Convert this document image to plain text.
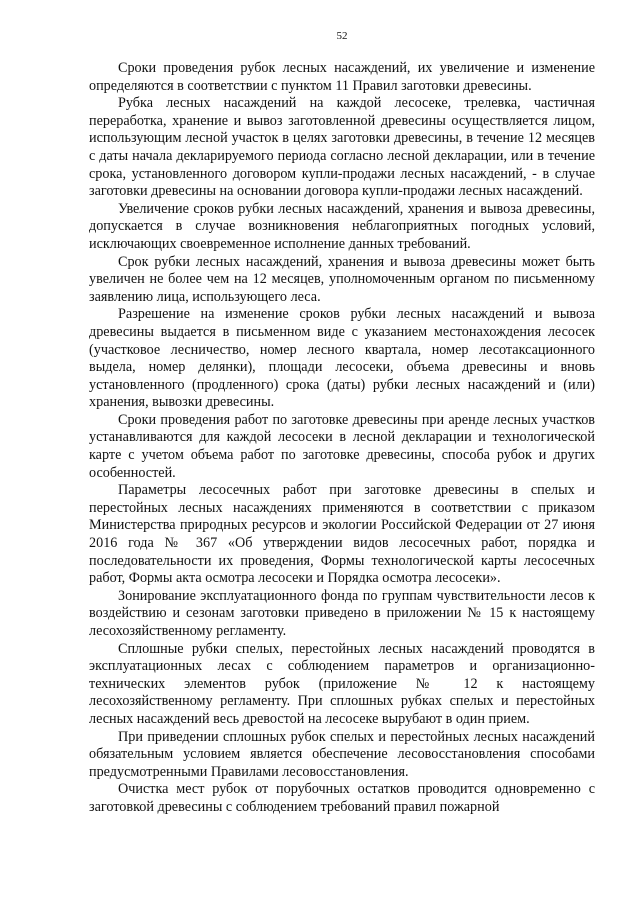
52

Сроки проведения рубок лесных насаждений, их увеличение и изменение определяются в соответствии с пунктом 11 Правил заготовки древесины.

Рубка лесных насаждений на каждой лесосеке, трелевка, частичная переработка, хранение и вывоз заготовленной древесины осуществляется лицом, использующим лесной участок в целях заготовки древесины, в течение 12 месяцев с даты начала декларируемого периода согласно лесной декларации, или в течение срока, установленного договором купли-продажи лесных насаждений, - в случае заготовки древесины на основании договора купли-продажи лесных насаждений.

Увеличение сроков рубки лесных насаждений, хранения и вывоза древесины, допускается в случае возникновения неблагоприятных погодных условий, исключающих своевременное исполнение данных требований.

Срок рубки лесных насаждений, хранения и вывоза древесины может быть увеличен не более чем на 12 месяцев, уполномоченным органом по письменному заявлению лица, использующего леса.

Разрешение на изменение сроков рубки лесных насаждений и вывоза древесины выдается в письменном виде с указанием местонахождения лесосек (участковое лесничество, номер лесного квартала, номер лесотаксационного выдела, номер делянки), площади лесосеки, объема древесины и вновь установленного (продленного) срока (даты) рубки лесных насаждений и (или) хранения, вывозки древесины.

Сроки проведения работ по заготовке древесины при аренде лесных участков устанавливаются для каждой лесосеки в лесной декларации и технологической карте с учетом объема работ по заготовке древесины, способа рубок и других особенностей.

Параметры лесосечных работ при заготовке древесины в спелых и перестойных лесных насаждениях применяются в соответствии с приказом Министерства природных ресурсов и экологии Российской Федерации от 27 июня 2016 года № 367 «Об утверждении видов лесосечных работ, порядка и последовательности их проведения, Формы технологической карты лесосечных работ, Формы акта осмотра лесосеки и Порядка осмотра лесосеки».

Зонирование эксплуатационного фонда по группам чувствительности лесов к воздействию и сезонам заготовки приведено в приложении № 15 к настоящему лесохозяйственному регламенту.

Сплошные рубки спелых, перестойных лесных насаждений проводятся в эксплуатационных лесах с соблюдением параметров и организационно-технических элементов рубок (приложение № 12 к настоящему лесохозяйственному регламенту. При сплошных рубках спелых и перестойных лесных насаждений весь древостой на лесосеке вырубают в один прием.

При приведении сплошных рубок спелых и перестойных лесных насаждений обязательным условием является обеспечение лесовосстановления способами предусмотренными Правилами лесовосстановления.

Очистка мест рубок от порубочных остатков проводится одновременно с заготовкой древесины с соблюдением требований правил пожарной
